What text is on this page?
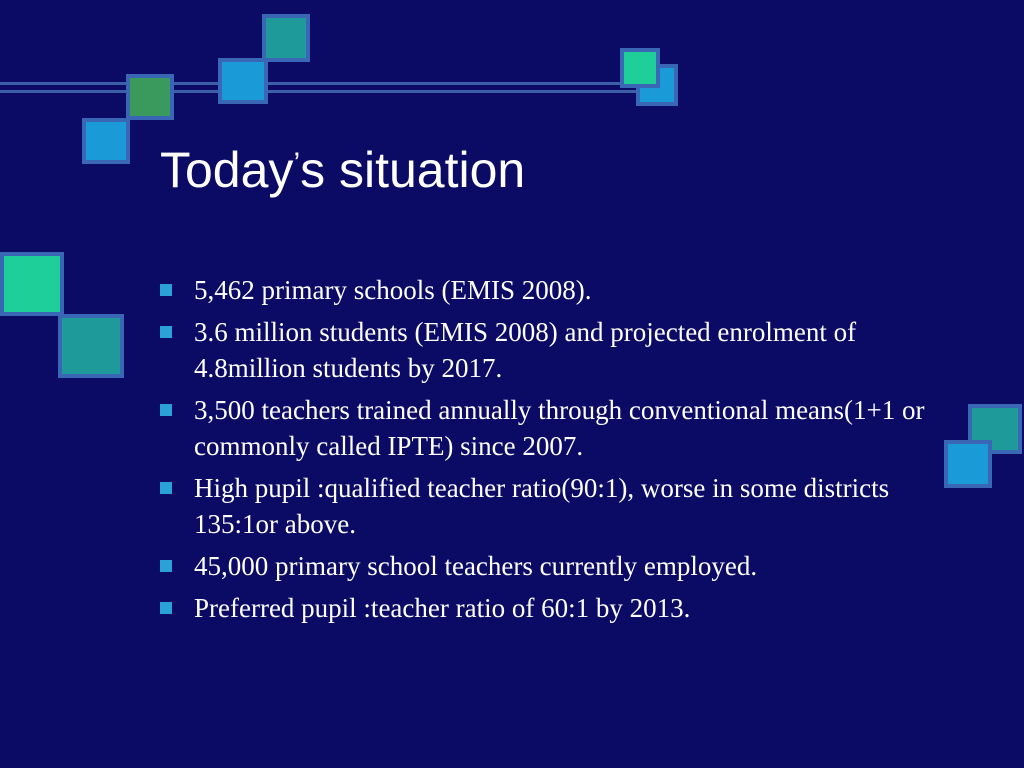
Today’s situation
5,462 primary schools (EMIS 2008).
3.6 million students (EMIS 2008) and projected enrolment of 4.8million students by 2017.
3,500 teachers trained annually through conventional means(1+1 or commonly called IPTE) since 2007.
High pupil :qualified teacher ratio(90:1), worse in some districts 135:1or above.
45,000 primary school teachers currently employed.
Preferred pupil :teacher ratio of 60:1 by 2013.
